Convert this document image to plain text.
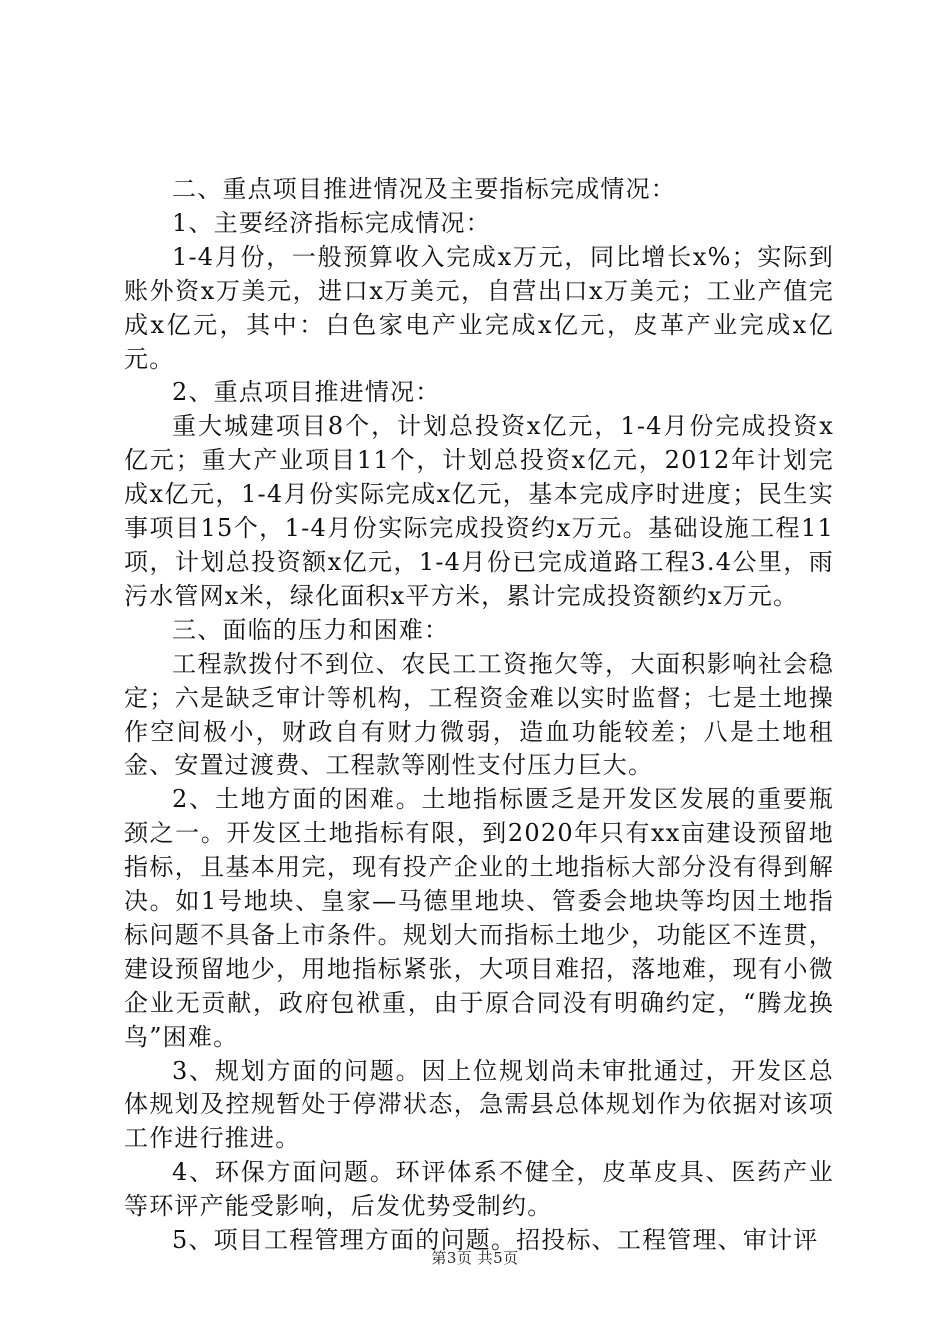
二、重点项目推进情况及主要指标完成情况：

1、主要经济指标完成情况：

1-4月份，一般预算收入完成x万元，同比增长x%；实际到账外资x万美元，进口x万美元，自营出口x万美元；工业产值完成x亿元，其中：白色家电产业完成x亿元，皮革产业完成x亿元。

2、重点项目推进情况：

重大城建项目8个，计划总投资x亿元，1-4月份完成投资x亿元；重大产业项目11个，计划总投资x亿元，2012年计划完成x亿元，1-4月份实际完成x亿元，基本完成序时进度；民生实事项目15个，1-4月份实际完成投资约x万元。基础设施工程11项，计划总投资额x亿元，1-4月份已完成道路工程3.4公里，雨污水管网x米，绿化面积x平方米，累计完成投资额约x万元。

三、面临的压力和困难：

工程款拨付不到位、农民工工资拖欠等，大面积影响社会稳定；六是缺乏审计等机构，工程资金难以实时监督；七是土地操作空间极小，财政自有财力微弱，造血功能较差；八是土地租金、安置过渡费、工程款等刚性支付压力巨大。

2、土地方面的困难。土地指标匮乏是开发区发展的重要瓶颈之一。开发区土地指标有限，到2020年只有xx亩建设预留地指标，且基本用完，现有投产企业的土地指标大部分没有得到解决。如1号地块、皇家—马德里地块、管委会地块等均因土地指标问题不具备上市条件。规划大而指标土地少，功能区不连贯，建设预留地少，用地指标紧张，大项目难招，落地难，现有小微企业无贡献，政府包袱重，由于原合同没有明确约定，“腾龙换鸟”困难。

3、规划方面的问题。因上位规划尚未审批通过，开发区总体规划及控规暂处于停滞状态，急需县总体规划作为依据对该项工作进行推进。

4、环保方面问题。环评体系不健全，皮革皮具、医药产业等环评产能受影响，后发优势受制约。

5、项目工程管理方面的问题。招投标、工程管理、审计评

第3页 共5页
